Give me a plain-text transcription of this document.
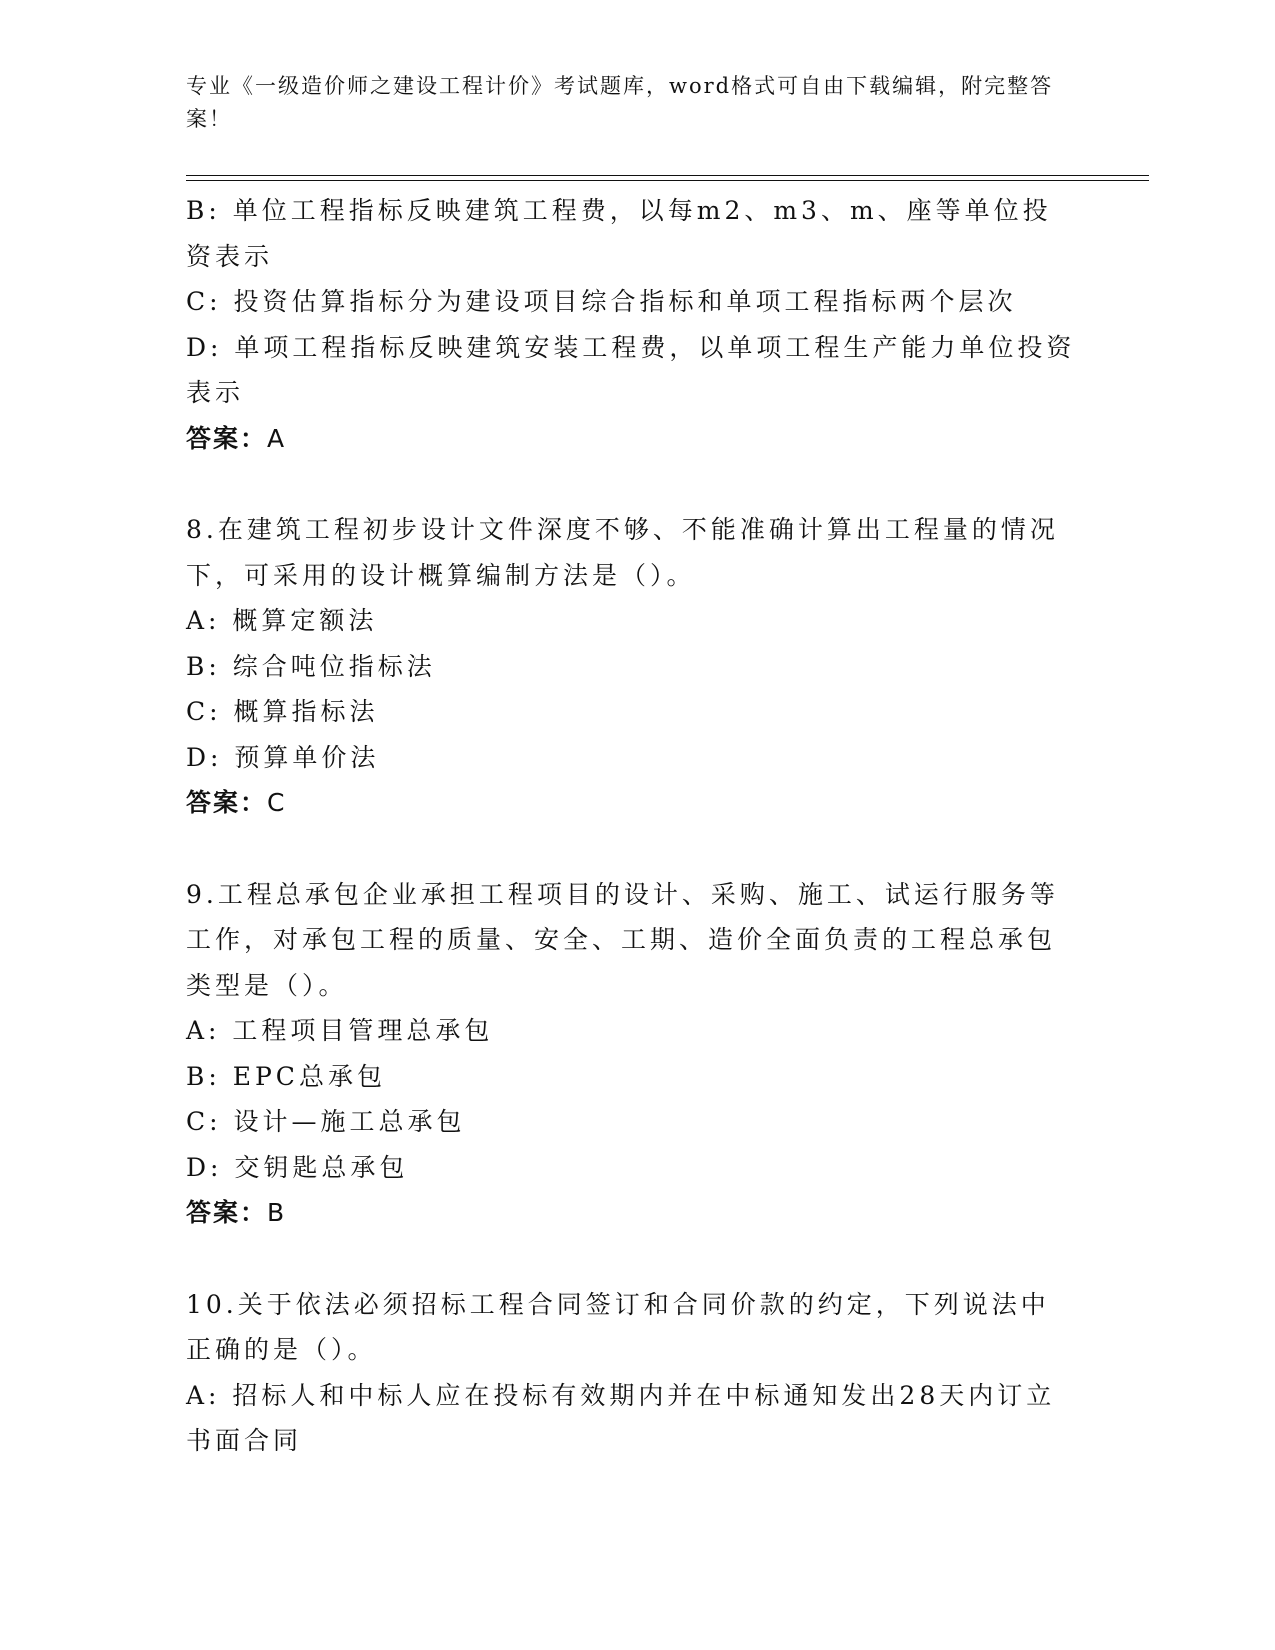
专业《一级造价师之建设工程计价》考试题库，word格式可自由下载编辑，附完整答案！

B: 单位工程指标反映建筑工程费，以每m2、m3、m、座等单位投资表示

C: 投资估算指标分为建设项目综合指标和单项工程指标两个层次

D: 单项工程指标反映建筑安装工程费，以单项工程生产能力单位投资表示

答案：A

8.在建筑工程初步设计文件深度不够、不能准确计算出工程量的情况下，可采用的设计概算编制方法是（）。

A: 概算定额法

B: 综合吨位指标法

C: 概算指标法

D: 预算单价法

答案：C

9.工程总承包企业承担工程项目的设计、采购、施工、试运行服务等工作，对承包工程的质量、安全、工期、造价全面负责的工程总承包类型是（）。

A: 工程项目管理总承包

B: EPC总承包

C: 设计—施工总承包

D: 交钥匙总承包

答案：B

10.关于依法必须招标工程合同签订和合同价款的约定，下列说法中正确的是（）。

A: 招标人和中标人应在投标有效期内并在中标通知发出28天内订立书面合同
